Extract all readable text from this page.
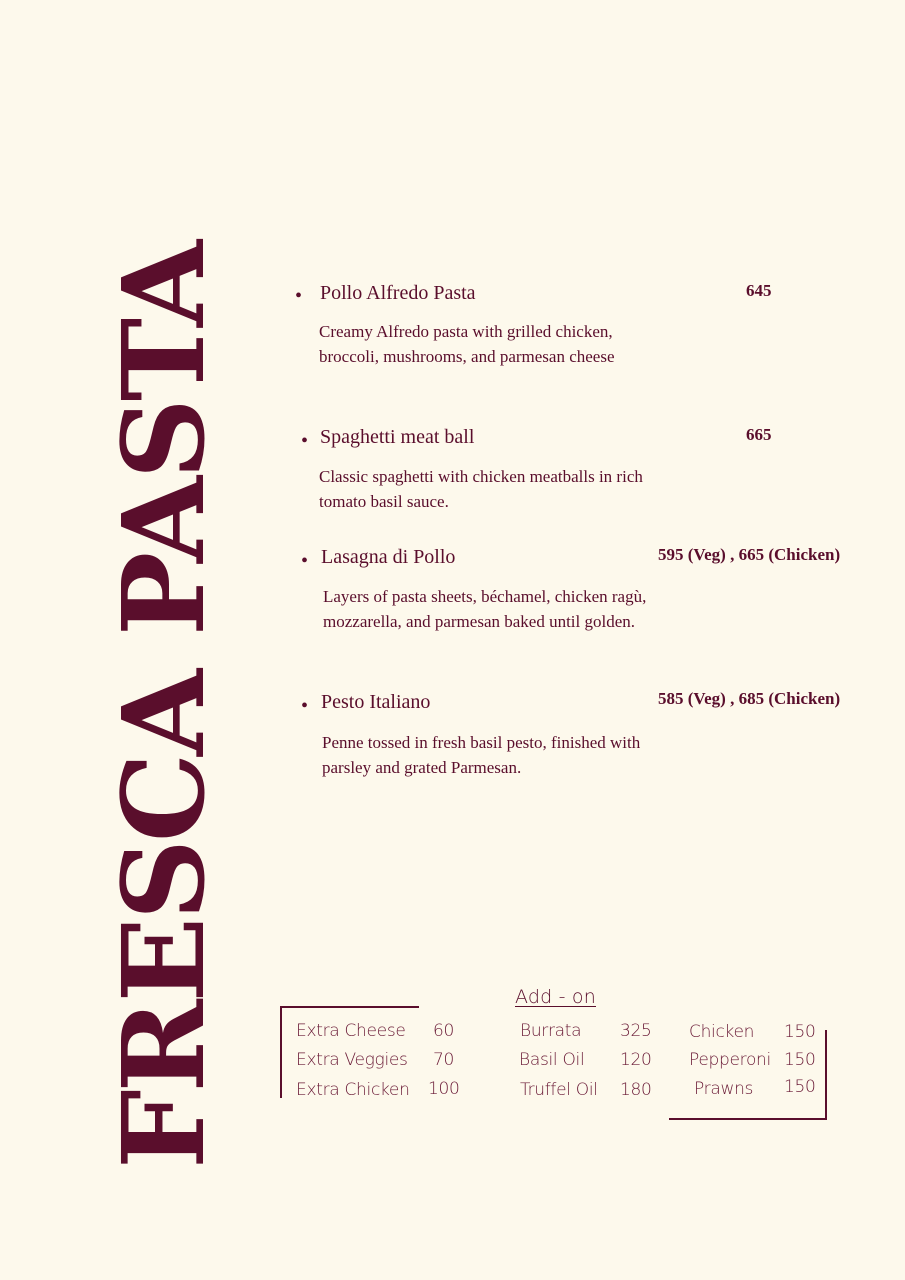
FRESCA PASTA	• Pollo Alfredo Pasta	645
Creamy Alfredo pasta with grilled chicken, broccoli, mushrooms, and parmesan cheese
• Spaghetti meat ball	665
Classic spaghetti with chicken meatballs in rich tomato basil sauce.
• Lasagna di Pollo	595 (Veg) , 665 (Chicken)
Layers of pasta sheets, béchamel, chicken ragù, mozzarella, and parmesan baked until golden.
• Pesto Italiano	585 (Veg) , 685 (Chicken)
Penne tossed in fresh basil pesto, finished with parsley and grated Parmesan.
Add - on
Extra Cheese 60
Extra Veggies 70
Extra Chicken 100
Burrata 325
Basil Oil 120
Truffel Oil 180
Chicken 150
Pepperoni 150
Prawns 150
